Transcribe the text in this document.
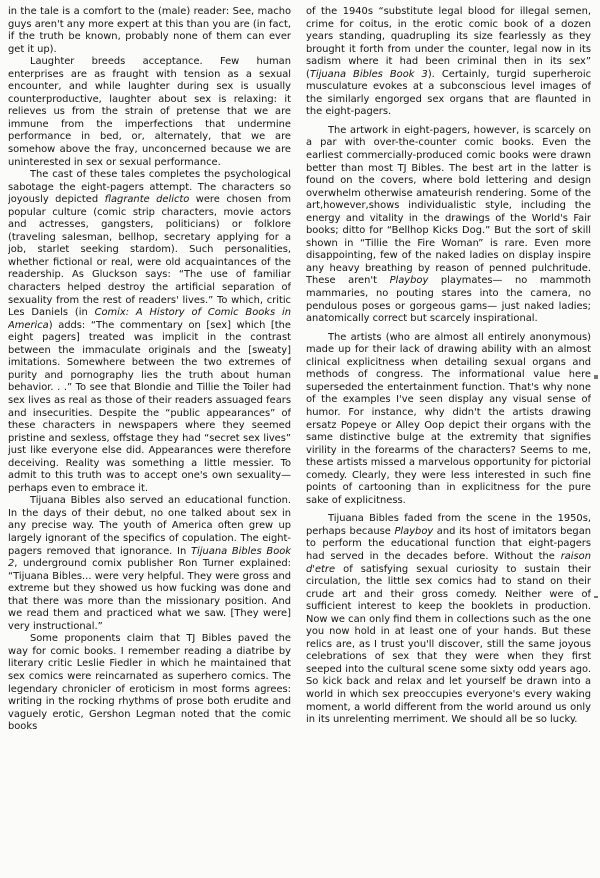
in the tale is a comfort to the (male) reader: See, macho guys aren't any more expert at this than you are (in fact, if the truth be known, probably none of them can ever get it up).

Laughter breeds acceptance. Few human enterprises are as fraught with tension as a sexual encounter, and while laughter during sex is usually counterproductive, laughter about sex is relaxing: it relieves us from the strain of pretense that we are immune from the imperfections that undermine performance in bed, or, alternately, that we are somehow above the fray, unconcerned because we are uninterested in sex or sexual performance.

The cast of these tales completes the psychological sabotage the eight-pagers attempt. The characters so joyously depicted flagrante delicto were chosen from popular culture (comic strip characters, movie actors and actresses, gangsters, politicians) or folklore (traveling salesman, bellhop, secretary applying for a job, starlet seeking stardom). Such personalities, whether fictional or real, were old acquaintances of the readership. As Gluckson says: “The use of familiar characters helped destroy the artificial separation of sexuality from the rest of readers' lives.” To which, critic Les Daniels (in Comix: A History of Comic Books in America) adds: “The commentary on [sex] which [the eight pagers] treated was implicit in the contrast between the immaculate originals and the [sweaty] imitations. Somewhere between the two extremes of purity and pornography lies the truth about human behavior. . .” To see that Blondie and Tillie the Toiler had sex lives as real as those of their readers assuaged fears and insecurities. Despite the “public appearances” of these characters in newspapers where they seemed pristine and sexless, offstage they had “secret sex lives” just like everyone else did. Appearances were therefore deceiving. Reality was something a little messier. To admit to this truth was to accept one's own sexuality— perhaps even to embrace it.

Tijuana Bibles also served an educational function. In the days of their debut, no one talked about sex in any precise way. The youth of America often grew up largely ignorant of the specifics of copulation. The eight-pagers removed that ignorance. In Tijuana Bibles Book 2, underground comix publisher Ron Turner explained: “Tijuana Bibles... were very helpful. They were gross and extreme but they showed us how fucking was done and that there was more than the missionary position. And we read them and practiced what we saw. [They were] very instructional.”

Some proponents claim that TJ Bibles paved the way for comic books. I remember reading a diatribe by literary critic Leslie Fiedler in which he maintained that sex comics were reincarnated as superhero comics. The legendary chronicler of eroticism in most forms agrees: writing in the rocking rhythms of prose both erudite and vaguely erotic, Gershon Legman noted that the comic books

of the 1940s “substitute legal blood for illegal semen, crime for coitus, in the erotic comic book of a dozen years standing, quadrupling its size fearlessly as they brought it forth from under the counter, legal now in its sadism where it had been criminal then in its sex” (Tijuana Bibles Book 3). Certainly, turgid superheroic musculature evokes at a subconscious level images of the similarly engorged sex organs that are flaunted in the eight-pagers.

The artwork in eight-pagers, however, is scarcely on a par with over-the-counter comic books. Even the earliest commercially-produced comic books were drawn better than most TJ Bibles. The best art in the latter is found on the covers, where bold lettering and design overwhelm otherwise amateurish rendering. Some of the art,however,shows individualistic style, including the energy and vitality in the drawings of the World's Fair books; ditto for “Bellhop Kicks Dog.” But the sort of skill shown in “Tillie the Fire Woman” is rare. Even more disappointing, few of the naked ladies on display inspire any heavy breathing by reason of penned pulchritude. These aren't Playboy playmates— no mammoth mammaries, no pouting stares into the camera, no pendulous poses or gorgeous gams— just naked ladies; anatomically correct but scarcely inspirational.

The artists (who are almost all entirely anonymous) made up for their lack of drawing ability with an almost clinical explicitness when detailing sexual organs and methods of congress. The informational value here superseded the entertainment function. That's why none of the examples I've seen display any visual sense of humor. For instance, why didn't the artists drawing ersatz Popeye or Alley Oop depict their organs with the same distinctive bulge at the extremity that signifies virility in the forearms of the characters? Seems to me, these artists missed a marvelous opportunity for pictorial comedy. Clearly, they were less interested in such fine points of cartooning than in explicitness for the pure sake of explicitness.

Tijuana Bibles faded from the scene in the 1950s, perhaps because Playboy and its host of imitators began to perform the educational function that eight-pagers had served in the decades before. Without the raison d'etre of satisfying sexual curiosity to sustain their circulation, the little sex comics had to stand on their crude art and their gross comedy. Neither were of sufficient interest to keep the booklets in production. Now we can only find them in collections such as the one you now hold in at least one of your hands. But these relics are, as I trust you'll discover, still the same joyous celebrations of sex that they were when they first seeped into the cultural scene some sixty odd years ago. So kick back and relax and let yourself be drawn into a world in which sex preoccupies everyone's every waking moment, a world different from the world around us only in its unrelenting merriment. We should all be so lucky.
